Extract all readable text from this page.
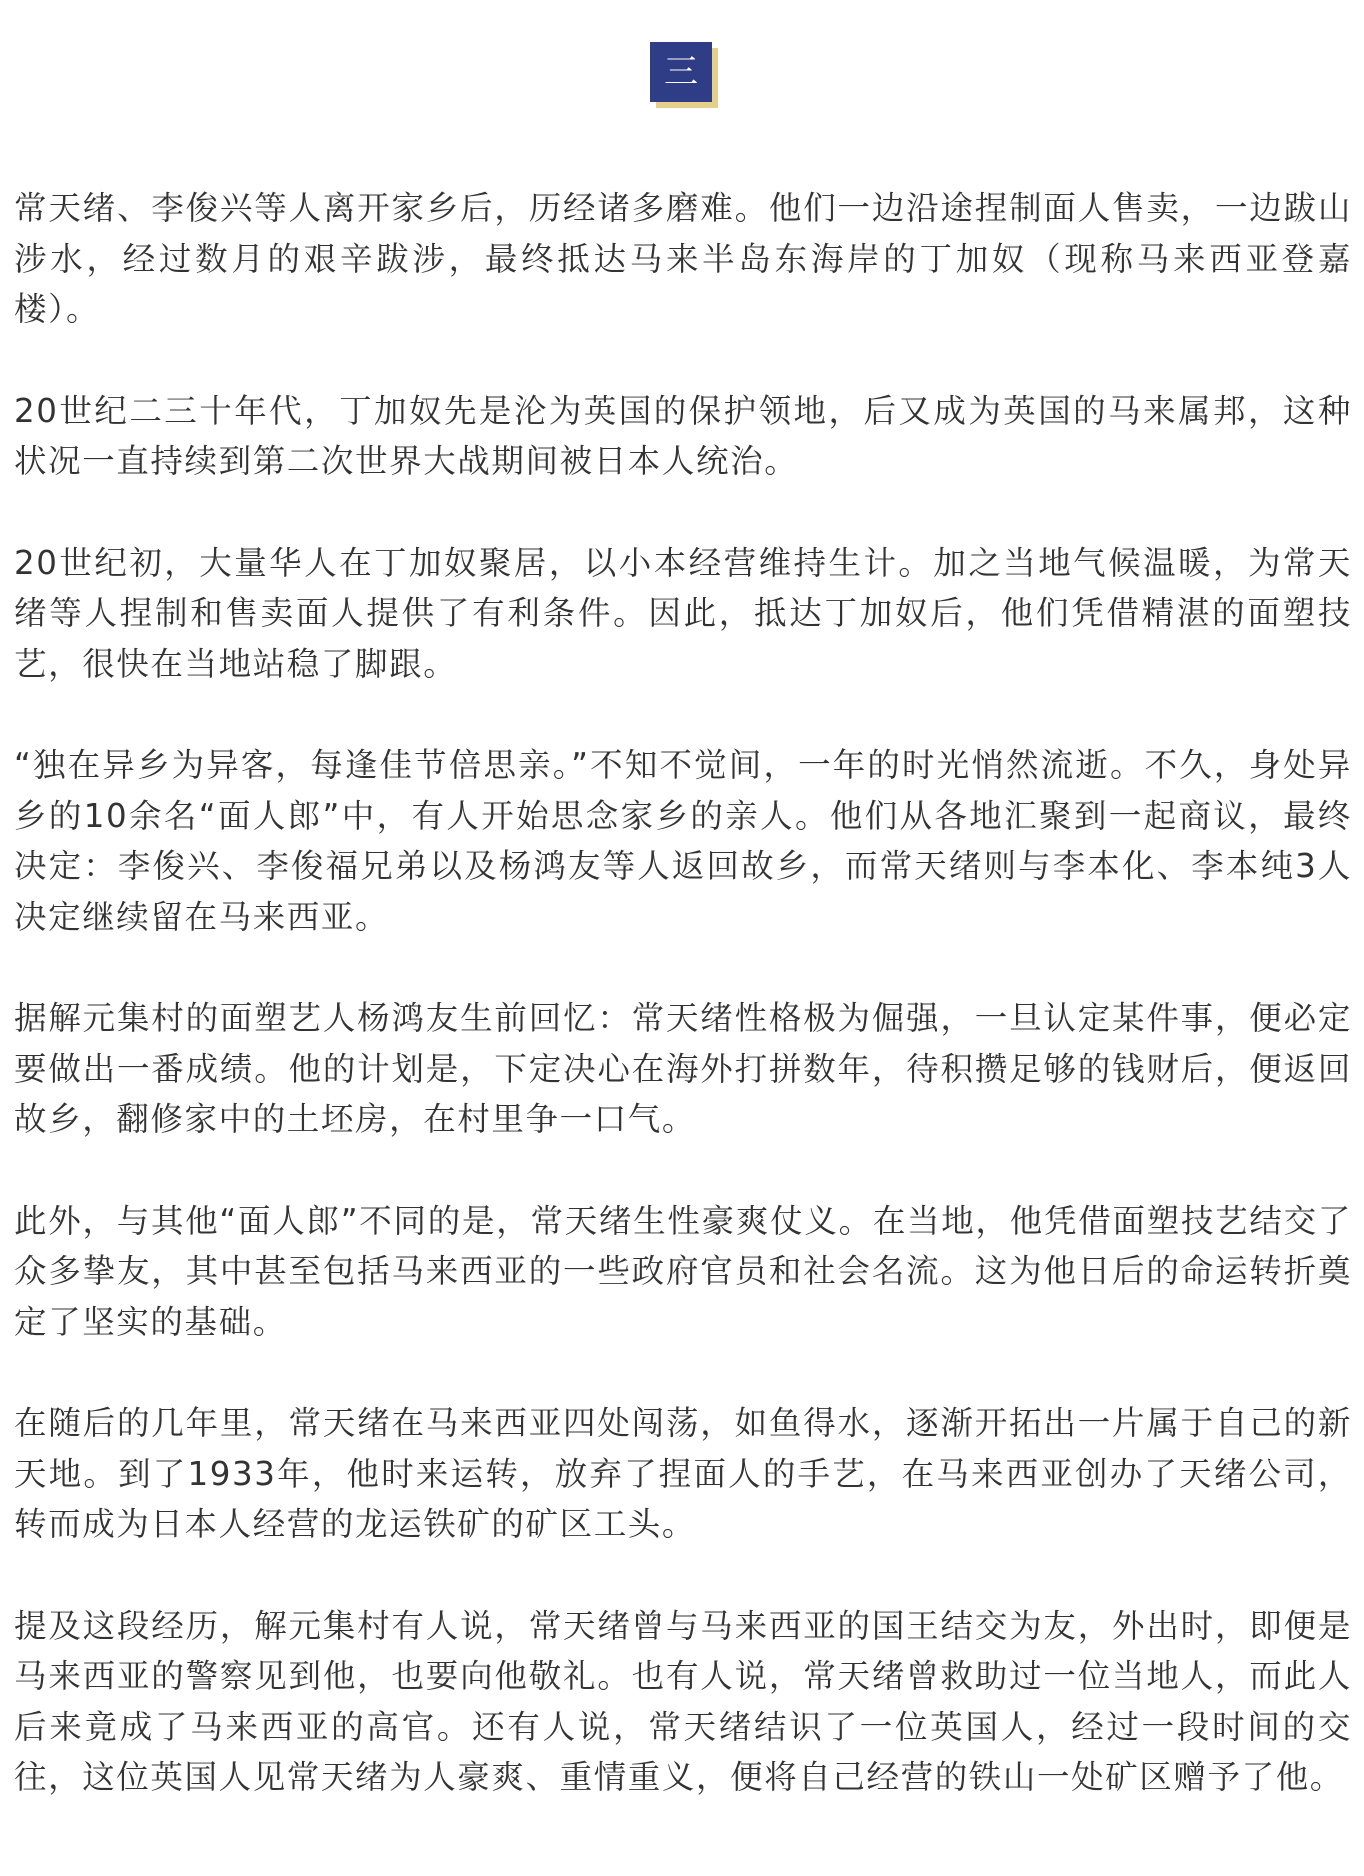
三

常天绪、李俊兴等人离开家乡后，历经诸多磨难。他们一边沿途捏制面人售卖，一边跋山涉水，经过数月的艰辛跋涉，最终抵达马来半岛东海岸的丁加奴（现称马来西亚登嘉楼）。

20世纪二三十年代，丁加奴先是沦为英国的保护领地，后又成为英国的马来属邦，这种状况一直持续到第二次世界大战期间被日本人统治。

20世纪初，大量华人在丁加奴聚居，以小本经营维持生计。加之当地气候温暖，为常天绪等人捏制和售卖面人提供了有利条件。因此，抵达丁加奴后，他们凭借精湛的面塑技艺，很快在当地站稳了脚跟。

“独在异乡为异客，每逢佳节倍思亲。”不知不觉间，一年的时光悄然流逝。不久，身处异乡的10余名“面人郎”中，有人开始思念家乡的亲人。他们从各地汇聚到一起商议，最终决定：李俊兴、李俊福兄弟以及杨鸿友等人返回故乡，而常天绪则与李本化、李本纯3人决定继续留在马来西亚。

据解元集村的面塑艺人杨鸿友生前回忆：常天绪性格极为倔强，一旦认定某件事，便必定要做出一番成绩。他的计划是，下定决心在海外打拼数年，待积攒足够的钱财后，便返回故乡，翻修家中的土坯房，在村里争一口气。

此外，与其他“面人郎”不同的是，常天绪生性豪爽仗义。在当地，他凭借面塑技艺结交了众多挚友，其中甚至包括马来西亚的一些政府官员和社会名流。这为他日后的命运转折奠定了坚实的基础。

在随后的几年里，常天绪在马来西亚四处闯荡，如鱼得水，逐渐开拓出一片属于自己的新天地。到了1933年，他时来运转，放弃了捏面人的手艺，在马来西亚创办了天绪公司，转而成为日本人经营的龙运铁矿的矿区工头。

提及这段经历，解元集村有人说，常天绪曾与马来西亚的国王结交为友，外出时，即便是马来西亚的警察见到他，也要向他敬礼。也有人说，常天绪曾救助过一位当地人，而此人后来竟成了马来西亚的高官。还有人说，常天绪结识了一位英国人，经过一段时间的交往，这位英国人见常天绪为人豪爽、重情重义，便将自己经营的铁山一处矿区赠予了他。
